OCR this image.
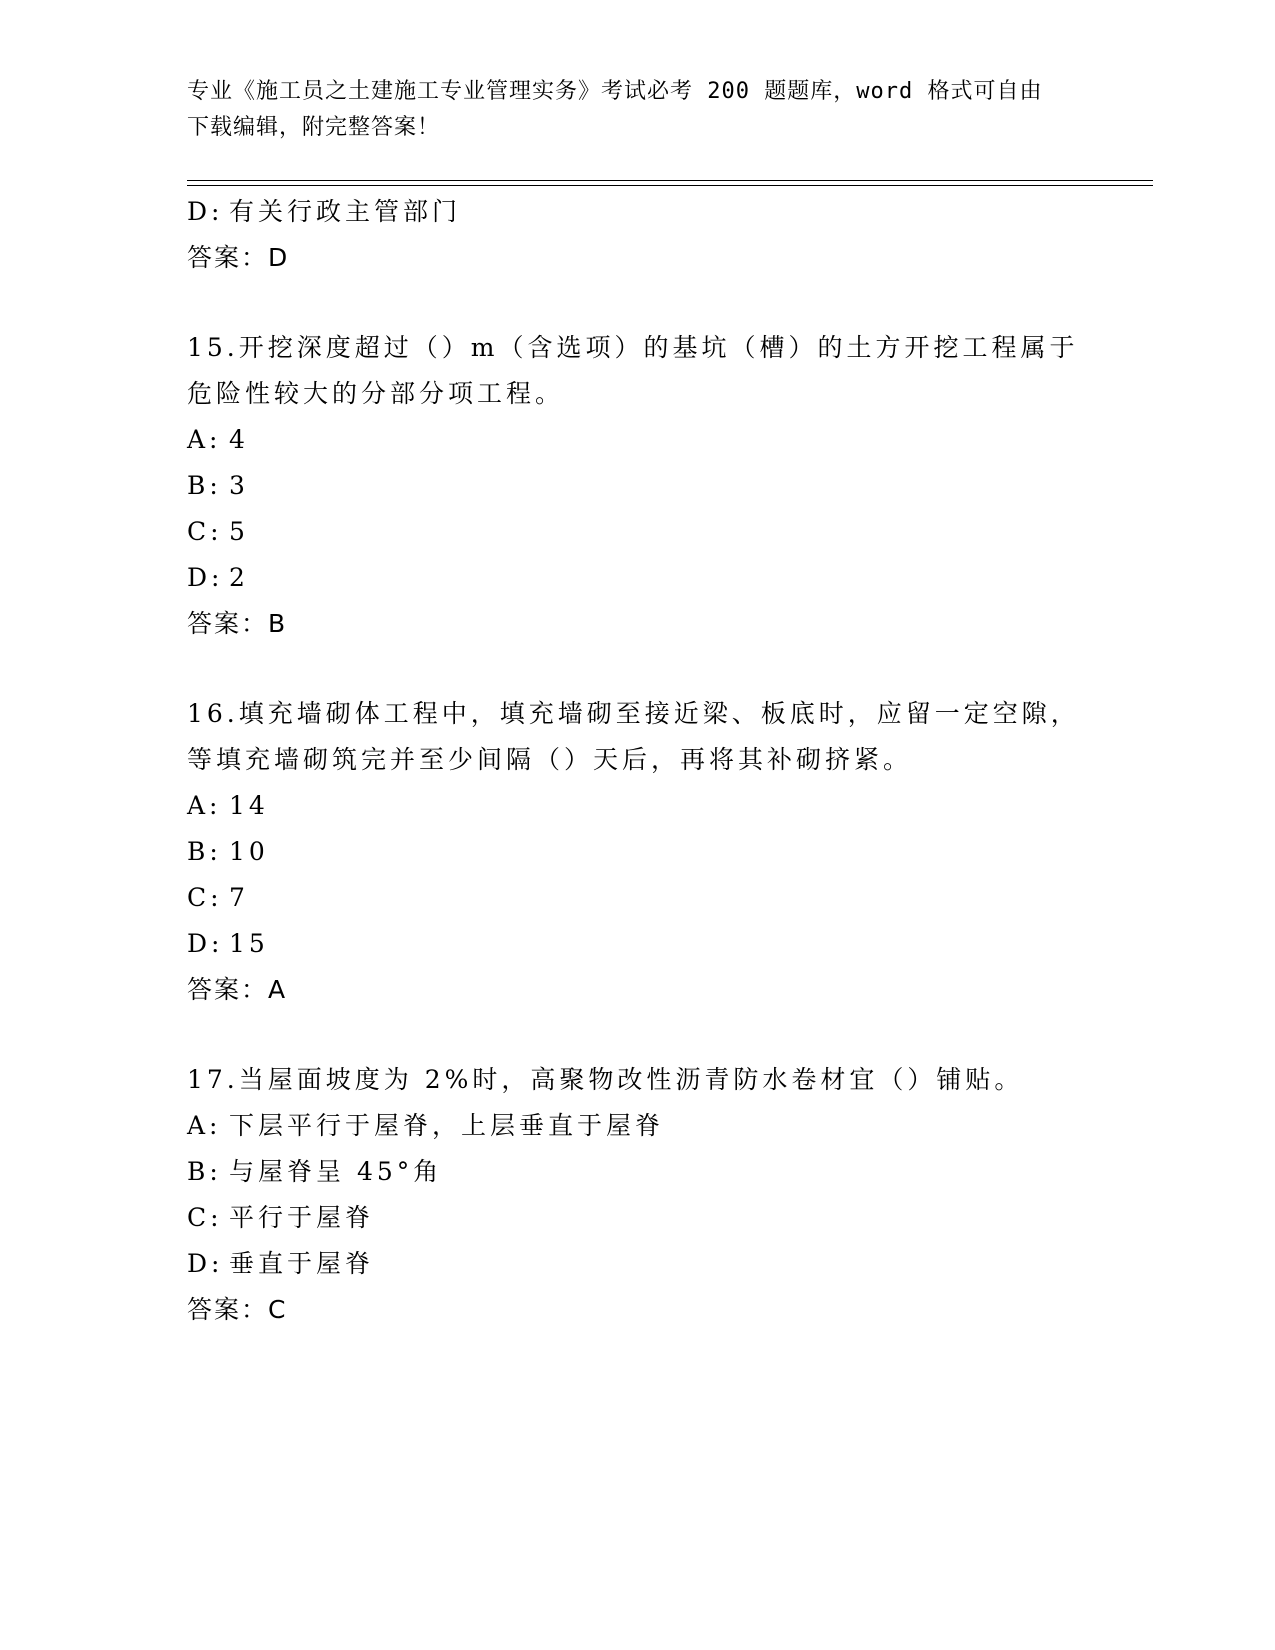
专业《施工员之土建施工专业管理实务》考试必考 200 题题库，word 格式可自由
下载编辑，附完整答案！
D: 有关行政主管部门
答案：D
15.开挖深度超过（）m（含选项）的基坑（槽）的土方开挖工程属于
危险性较大的分部分项工程。
A: 4
B: 3
C: 5
D: 2
答案：B
16.填充墙砌体工程中，填充墙砌至接近梁、板底时，应留一定空隙，
等填充墙砌筑完并至少间隔（）天后，再将其补砌挤紧。
A: 14
B: 10
C: 7
D: 15
答案：A
17.当屋面坡度为 2%时，高聚物改性沥青防水卷材宜（）铺贴。
A: 下层平行于屋脊，上层垂直于屋脊
B: 与屋脊呈 45°角
C: 平行于屋脊
D: 垂直于屋脊
答案：C
